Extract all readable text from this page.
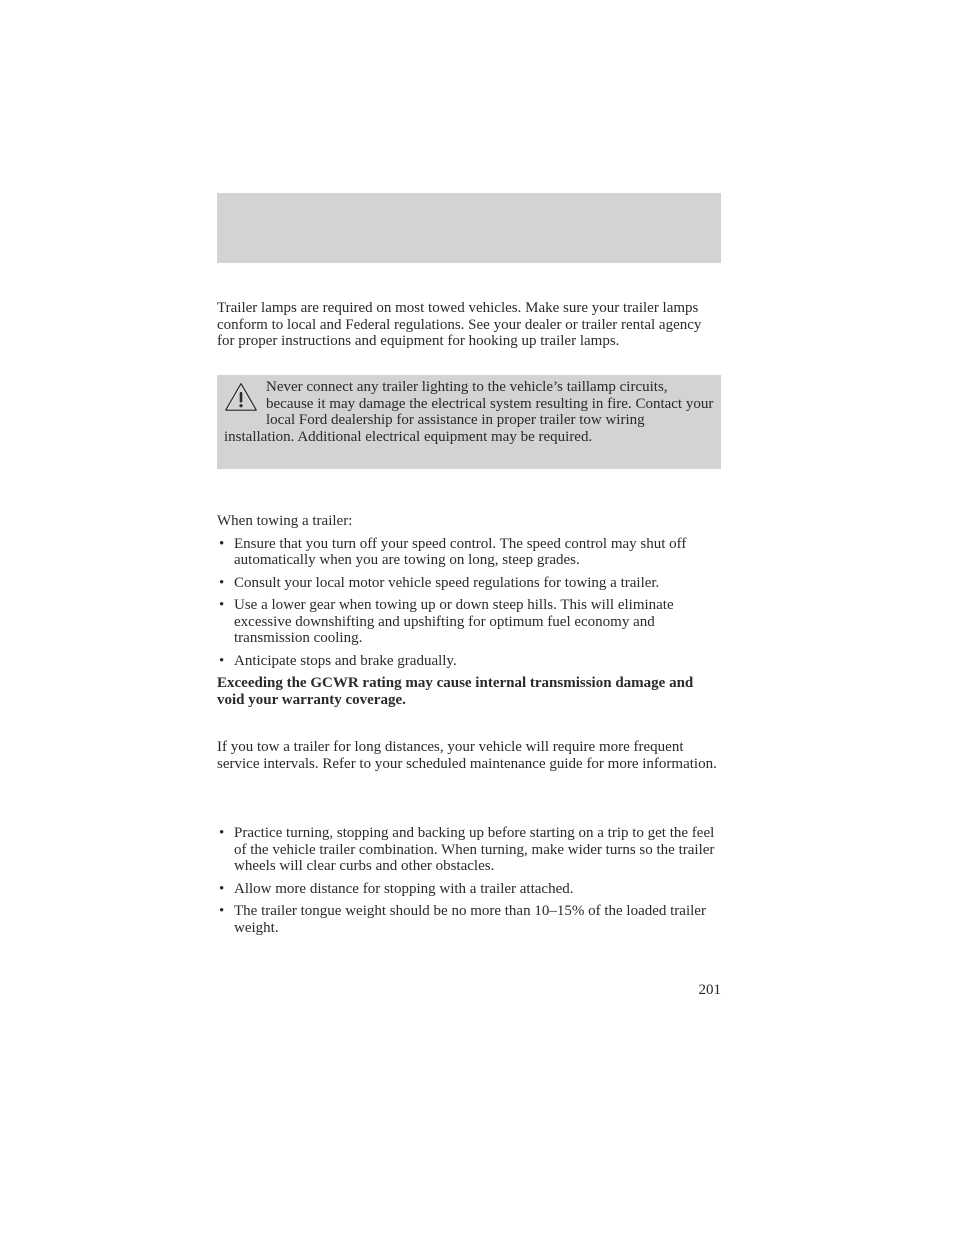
Trailer lamps are required on most towed vehicles. Make sure your trailer lamps conform to local and Federal regulations. See your dealer or trailer rental agency for proper instructions and equipment for hooking up trailer lamps.

Never connect any trailer lighting to the vehicle’s taillamp circuits, because it may damage the electrical system resulting in fire. Contact your local Ford dealership for assistance in proper trailer tow wiring installation. Additional electrical equipment may be required.

When towing a trailer:

• Ensure that you turn off your speed control. The speed control may shut off automatically when you are towing on long, steep grades.
• Consult your local motor vehicle speed regulations for towing a trailer.
• Use a lower gear when towing up or down steep hills. This will eliminate excessive downshifting and upshifting for optimum fuel economy and transmission cooling.
• Anticipate stops and brake gradually.

Exceeding the GCWR rating may cause internal transmission damage and void your warranty coverage.

If you tow a trailer for long distances, your vehicle will require more frequent service intervals. Refer to your scheduled maintenance guide for more information.

• Practice turning, stopping and backing up before starting on a trip to get the feel of the vehicle trailer combination. When turning, make wider turns so the trailer wheels will clear curbs and other obstacles.
• Allow more distance for stopping with a trailer attached.
• The trailer tongue weight should be no more than 10–15% of the loaded trailer weight.
201
